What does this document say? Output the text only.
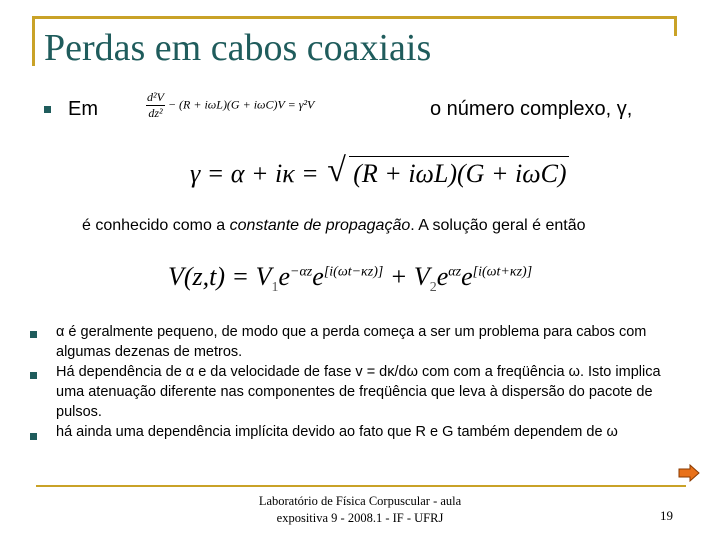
Perdas em cabos coaxiais
Em	$\frac{\text{d²V}}{\text{dz²}} - (R + i\omega L)(G + i\omega C)V = \gamma^2V$	o número complexo, γ,
γ = α + iκ = √ (R + iωL)(G + iωC)
é conhecido como a constante de propagação. A solução geral é então
$V(z,t) = V_1e^{-\alpha z}e[i(\omega t-\kappa z)] + V_2e^{\alpha z}e[i(\omega t+\kappa z)]$

α é geralmente pequeno, de modo que a perda começa a ser um problema para cabos com algumas dezenas de metros.

Há dependência de α e da velocidade de fase v = dκ/dω com com a freqüência ω. Isto implica uma atenuação diferente nas componentes de freqüência que leva à dispersão do pacote de pulsos.

há ainda uma dependência implícita devido ao fato que R e G também dependem de ω

Laboratório de Física Corpuscular - aula
expositiva 9 - 2008.1 - IF - UFRJ	19
